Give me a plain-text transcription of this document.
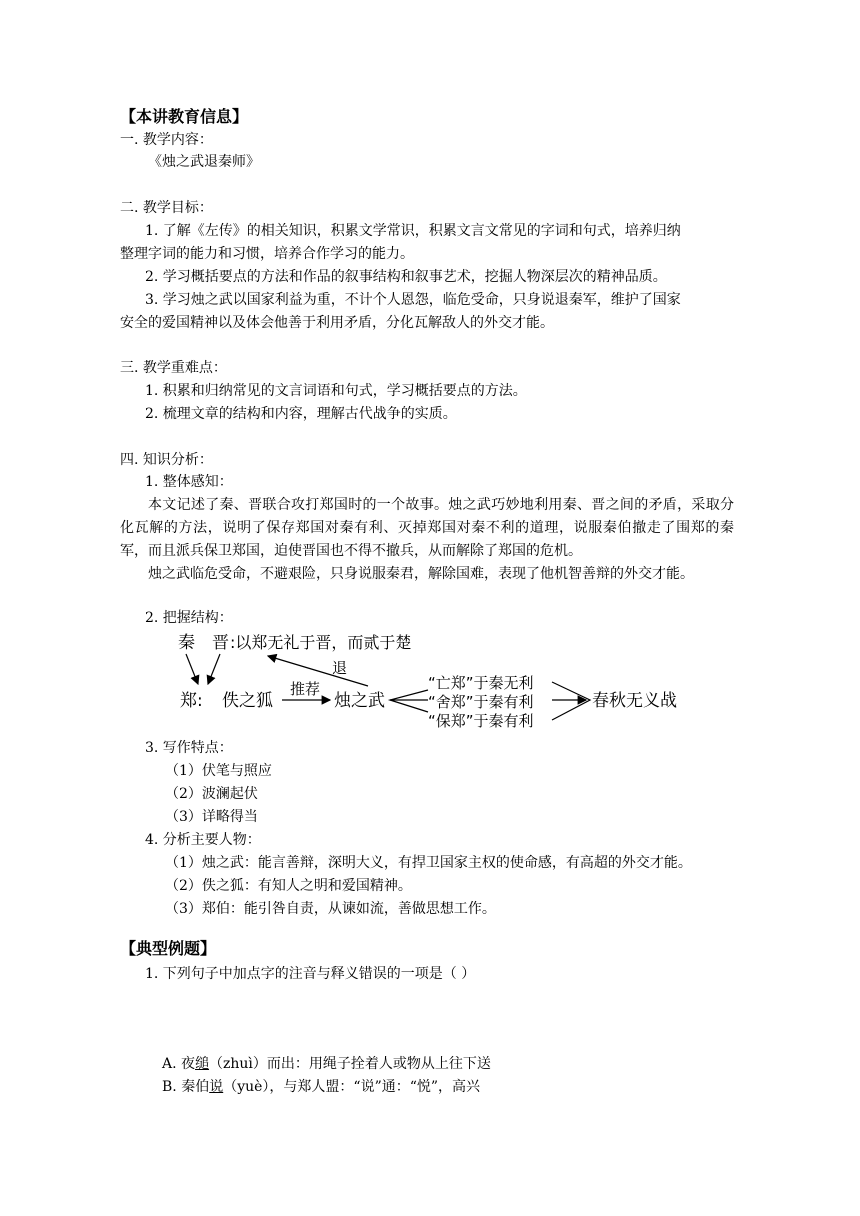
【本讲教育信息】
一. 教学内容：
《烛之武退秦师》
二. 教学目标：
1. 了解《左传》的相关知识，积累文学常识，积累文言文常见的字词和句式，培养归纳
整理字词的能力和习惯，培养合作学习的能力。
2. 学习概括要点的方法和作品的叙事结构和叙事艺术，挖掘人物深层次的精神品质。
3. 学习烛之武以国家利益为重，不计个人恩怨，临危受命，只身说退秦军，维护了国家
安全的爱国精神以及体会他善于利用矛盾，分化瓦解敌人的外交才能。
三. 教学重难点：
1. 积累和归纳常见的文言词语和句式，学习概括要点的方法。
2. 梳理文章的结构和内容，理解古代战争的实质。
四. 知识分析：
1. 整体感知：
本文记述了秦、晋联合攻打郑国时的一个故事。烛之武巧妙地利用秦、晋之间的矛盾，采取分化瓦解的方法，说明了保存郑国对秦有利、灭掉郑国对秦不利的道理，说服秦伯撤走了围郑的秦军，而且派兵保卫郑国，迫使晋国也不得不撤兵，从而解除了郑国的危机。
烛之武临危受命，不避艰险，只身说服秦君，解除国难，表现了他机智善辩的外交才能。
2. 把握结构：
秦 晋 :以郑无礼于晋，而贰于楚
退
郑: 佚之狐
推荐
烛之武
“亡郑”于秦无利
“舍郑”于秦有利
“保郑”于秦有利
春秋无义战
3. 写作特点：
（1）伏笔与照应
（2）波澜起伏
（3）详略得当
4. 分析主要人物：
（1）烛之武：能言善辩，深明大义，有捍卫国家主权的使命感，有高超的外交才能。
（2）佚之狐：有知人之明和爱国精神。
（3）郑伯：能引咎自责，从谏如流，善做思想工作。
【典型例题】
1. 下列句子中加点字的注音与释义错误的一项是（ ）
A. 夜缒（zhuì）而出：用绳子拴着人或物从上往下送
B. 秦伯说（yuè），与郑人盟：“说”通：“悦”，高兴
